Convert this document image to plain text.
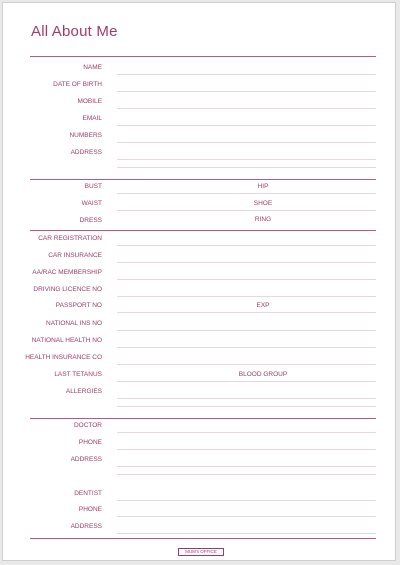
All About Me
NAME
DATE OF BIRTH
MOBILE
EMAIL
NUMBERS
ADDRESS
BUST	HIP
WAIST	SHOE
DRESS	RING
CAR REGISTRATION
CAR INSURANCE
AA/RAC MEMBERSHIP
DRIVING LICENCE NO
PASSPORT NO	EXP
NATIONAL INS NO
NATIONAL HEALTH NO
HEALTH INSURANCE CO
LAST TETANUS	BLOOD GROUP
ALLERGIES
DOCTOR
PHONE
ADDRESS
DENTIST
PHONE
ADDRESS
MUM's OFFICE
